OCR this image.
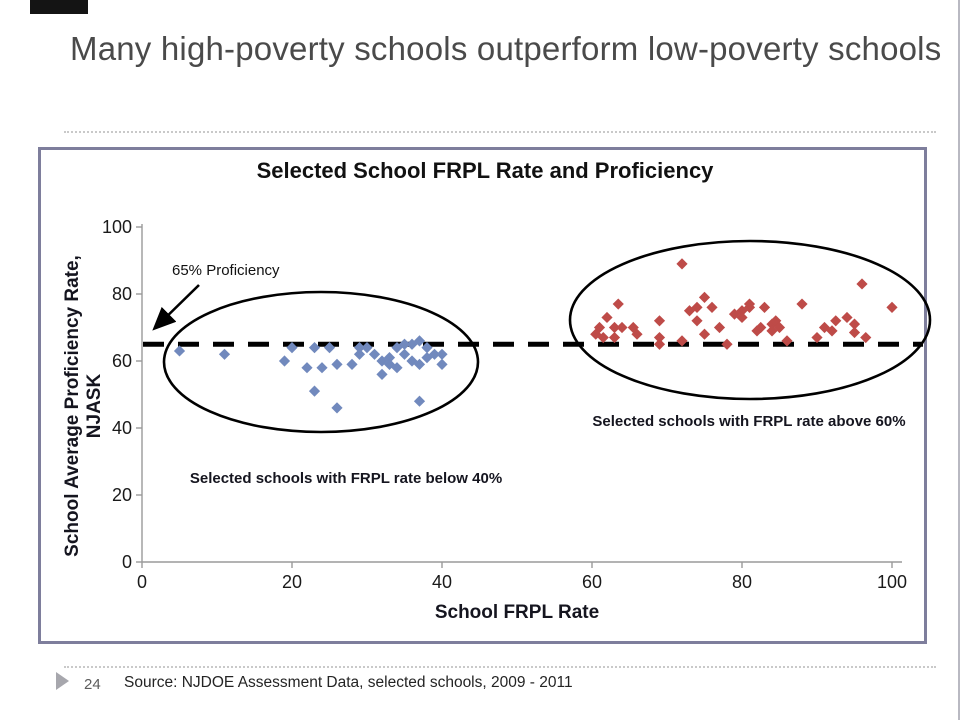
Many high-poverty schools outperform low-poverty schools
Selected School FRPL Rate and Proficiency
School Average Proficiency Rate, NJASK
School FRPL Rate
0	20	40	60	80	100
0
20
40
60
80
100
65% Proficiency
Selected schools with FRPL rate below 40%
Selected schools with FRPL rate above 60%
24 Source: NJDOE Assessment Data, selected schools, 2009 - 2011
